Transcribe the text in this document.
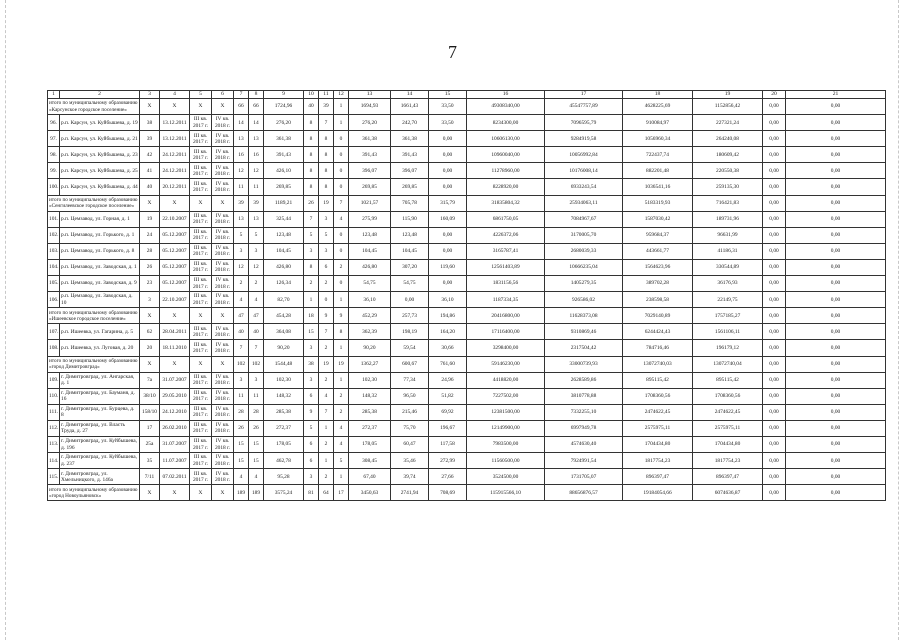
7
1	2	3	4	5	6	7	8	9	10	11	12	13	14	15	16	17	18	19	20	21
итого по муниципальному образованию «Карсунское городское поселение»		X	X	X	X	66	66	1724,96	40	39	1	1694,93	1661,43	33,50	49308340,00	45547757,89	4628225,69	1152856,42	0,00	0,00
96.	р.п. Карсун, ул. Куйбышева, д. 19	38	13.12.2011	III кв. 2017 г.	IV кв. 2018 г.	14	14	276,20	8	7	1	276,20	242,70	33,50	8234300,00	7096595,79	910084,97	227321,24	0,00	0,00
97.	р.п. Карсун, ул. Куйбышева, д. 21	39	13.12.2011	III кв. 2017 г.	IV кв. 2018 г.	13	13	361,38	8	8	0	361,38	361,38	0,00	10606130,00	9284919,58	1056960,34	264240,08	0,00	0,00
98.	р.п. Карсун, ул. Куйбышева, д. 23	42	24.12.2011	III кв. 2017 г.	IV кв. 2018 г.	16	16	391,43	8	8	0	391,43	391,43	0,00	10960040,00	10056992,84	722437,74	180609,42	0,00	0,00
99.	р.п. Карсун, ул. Куйбышева, д. 25	41	24.12.2011	III кв. 2017 г.	IV кв. 2018 г.	12	12	426,10	8	8	0	396,07	396,07	0,00	11278960,00	10176008,14	882201,48	220550,38	0,00	0,00
100.	р.п. Карсун, ул. Куйбышева, д. 44	40	20.12.2011	III кв. 2017 г.	IV кв. 2018 г.	11	11	269,85	8	8	0	269,85	269,85	0,00	8228920,00	6933243,54	1036541,16	259135,30	0,00	0,00
итого по муниципальному образованию «Сенгилеевское городское поселение»		X	X	X	X	39	39	1189,21	26	19	7	1021,57	705,78	315,79	31835804,32	25934063,11	5183319,93	716421,83	0,00	0,00
101.	р.п. Цемзавод, ул. Горная, д. 1	19	22.10.2007	III кв. 2017 г.	IV кв. 2018 г.	13	13	325,44	7	3	4	275,99	115,90	160,09	6861750,05	7084967,67	1587030,42	189731,96	0,00	0,00
102.	р.п. Цемзавод, ул. Горького, д. 1	24	05.12.2007	III кв. 2017 г.	IV кв. 2018 г.	5	5	123,48	5	5	0	123,48	123,48	0,00	4226372,06	3170005,70	959684,37	96631,99	0,00	0,00
103.	р.п. Цемзавод, ул. Горького, д. 8	28	05.12.2007	III кв. 2017 г.	IV кв. 2018 г.	3	3	104,45	3	3	0	104,45	104,45	0,00	3165787,41	2680039,33	443661,77	41186,31	0,00	0,00
104.	р.п. Цемзавод, ул. Заводская, д. 1	26	05.12.2007	III кв. 2017 г.	IV кв. 2018 г.	12	12	426,80	8	6	2	426,80	307,20	119,60	12561403,89	10666235,04	1564623,96	330544,89	0,00	0,00
105.	р.п. Цемзавод, ул. Заводская, д. 9	23	05.12.2007	III кв. 2017 г.	IV кв. 2018 г.	2	2	126,34	2	2	0	54,75	54,75	0,00	1831156,56	1405279,35	389702,28	36176,93	0,00	0,00
106.	р.п. Цемзавод, ул. Заводская, д. 10	3	22.10.2007	III кв. 2017 г.	IV кв. 2018 г.	4	4	82,70	1	0	1	36,10	0,00	36,10	1187334,35	926586,02	238598,58	22149,75	0,00	0,00
итого по муниципальному образованию «Ишеевское городское поселение»		X	X	X	X	47	47	454,28	18	9	9	452,29	257,73	194,86	20416800,00	11628373,08	7029140,89	1757185,27	0,00	0,00
107.	р.п. Ишеевка, ул. Гагарина, д. 5	62	28.04.2011	III кв. 2017 г.	IV кв. 2018 г.	40	40	364,08	15	7	8	362,39	198,19	164,20	17116400,00	9310869,46	6244424,43	1561106,11	0,00	0,00
108.	р.п. Ишеевка, ул. Луговая, д. 20	20	18.11.2010	III кв. 2017 г.	IV кв. 2018 г.	7	7	90,20	3	2	1	90,20	59,54	30,66	3298400,00	2317504,42	784716,46	196179,12	0,00	0,00
итого по муниципальному образованию «город Димитровград»		X	X	X	X	102	102	1544,48	38	19	19	1362,27	600,67	761,60	59146230,00	33000739,93	13072740,03	13072740,04	0,00	0,00
109.	г. Димитровград, ул. Ангарская, д. 1	7а	31.07.2007	III кв. 2017 г.	IV кв. 2018 г.	3	3	102,30	3	2	1	102,30	77,34	24,96	4418820,00	2628589,86	895115,42	895115,42	0,00	0,00
110.	г. Димитровград, ул. Бауманя, д. 16	38/10	29.05.2010	III кв. 2017 г.	IV кв. 2018 г.	11	11	148,32	6	4	2	148,32	96,50	51,82	7227502,00	3810778,88	1708360,56	1708360,56	0,00	0,00
111.	г. Димитровград, ул. Бурцева, д. 8	158/10	24.12.2010	III кв. 2017 г.	IV кв. 2018 г.	28	28	285,38	9	7	2	285,38	215,46	69,92	12381500,00	7332255,10	2474622,45	2474622,45	0,00	0,00
112.	г. Димитровград, ул. Власть Труда, д. 27	17	26.02.2010	III кв. 2017 г.	IV кв. 2018 г.	26	26	272,37	5	1	4	272,37	75,70	196,67	12149900,00	6997949,78	2575975,11	2575975,11	0,00	0,00
113.	г. Димитровград, ул. Куйбышева, д. 196	25а	31.07.2007	III кв. 2017 г.	IV кв. 2018 г.	15	15	178,05	6	2	4	178,05	60,47	117,58	7983500,00	4574630,40	1704434,80	1704434,80	0,00	0,00
114.	г. Димитровград, ул. Куйбышева, д. 237	35	11.07.2007	III кв. 2017 г.	IV кв. 2018 г.	15	15	462,78	6	1	5	308,45	35,46	272,99	11560500,00	7924991,54	1817754,23	1817754,23	0,00	0,00
115.	г. Димитровград, ул. Хмельницкого, д. 146а	7/11	07.02.2011	III кв. 2017 г.	IV кв. 2018 г.	4	4	95,28	3	2	1	67,40	39,74	27,66	3524500,00	1731705,07	896397,47	896397,47	0,00	0,00
итого по муниципальному образованию «город Новоульяновск»		X	X	X	X	189	189	3575,24	81	64	17	3450,63	2741,94	708,69	115915566,10	88656876,57	19184054,66	6074636,87	0,00	0,00
